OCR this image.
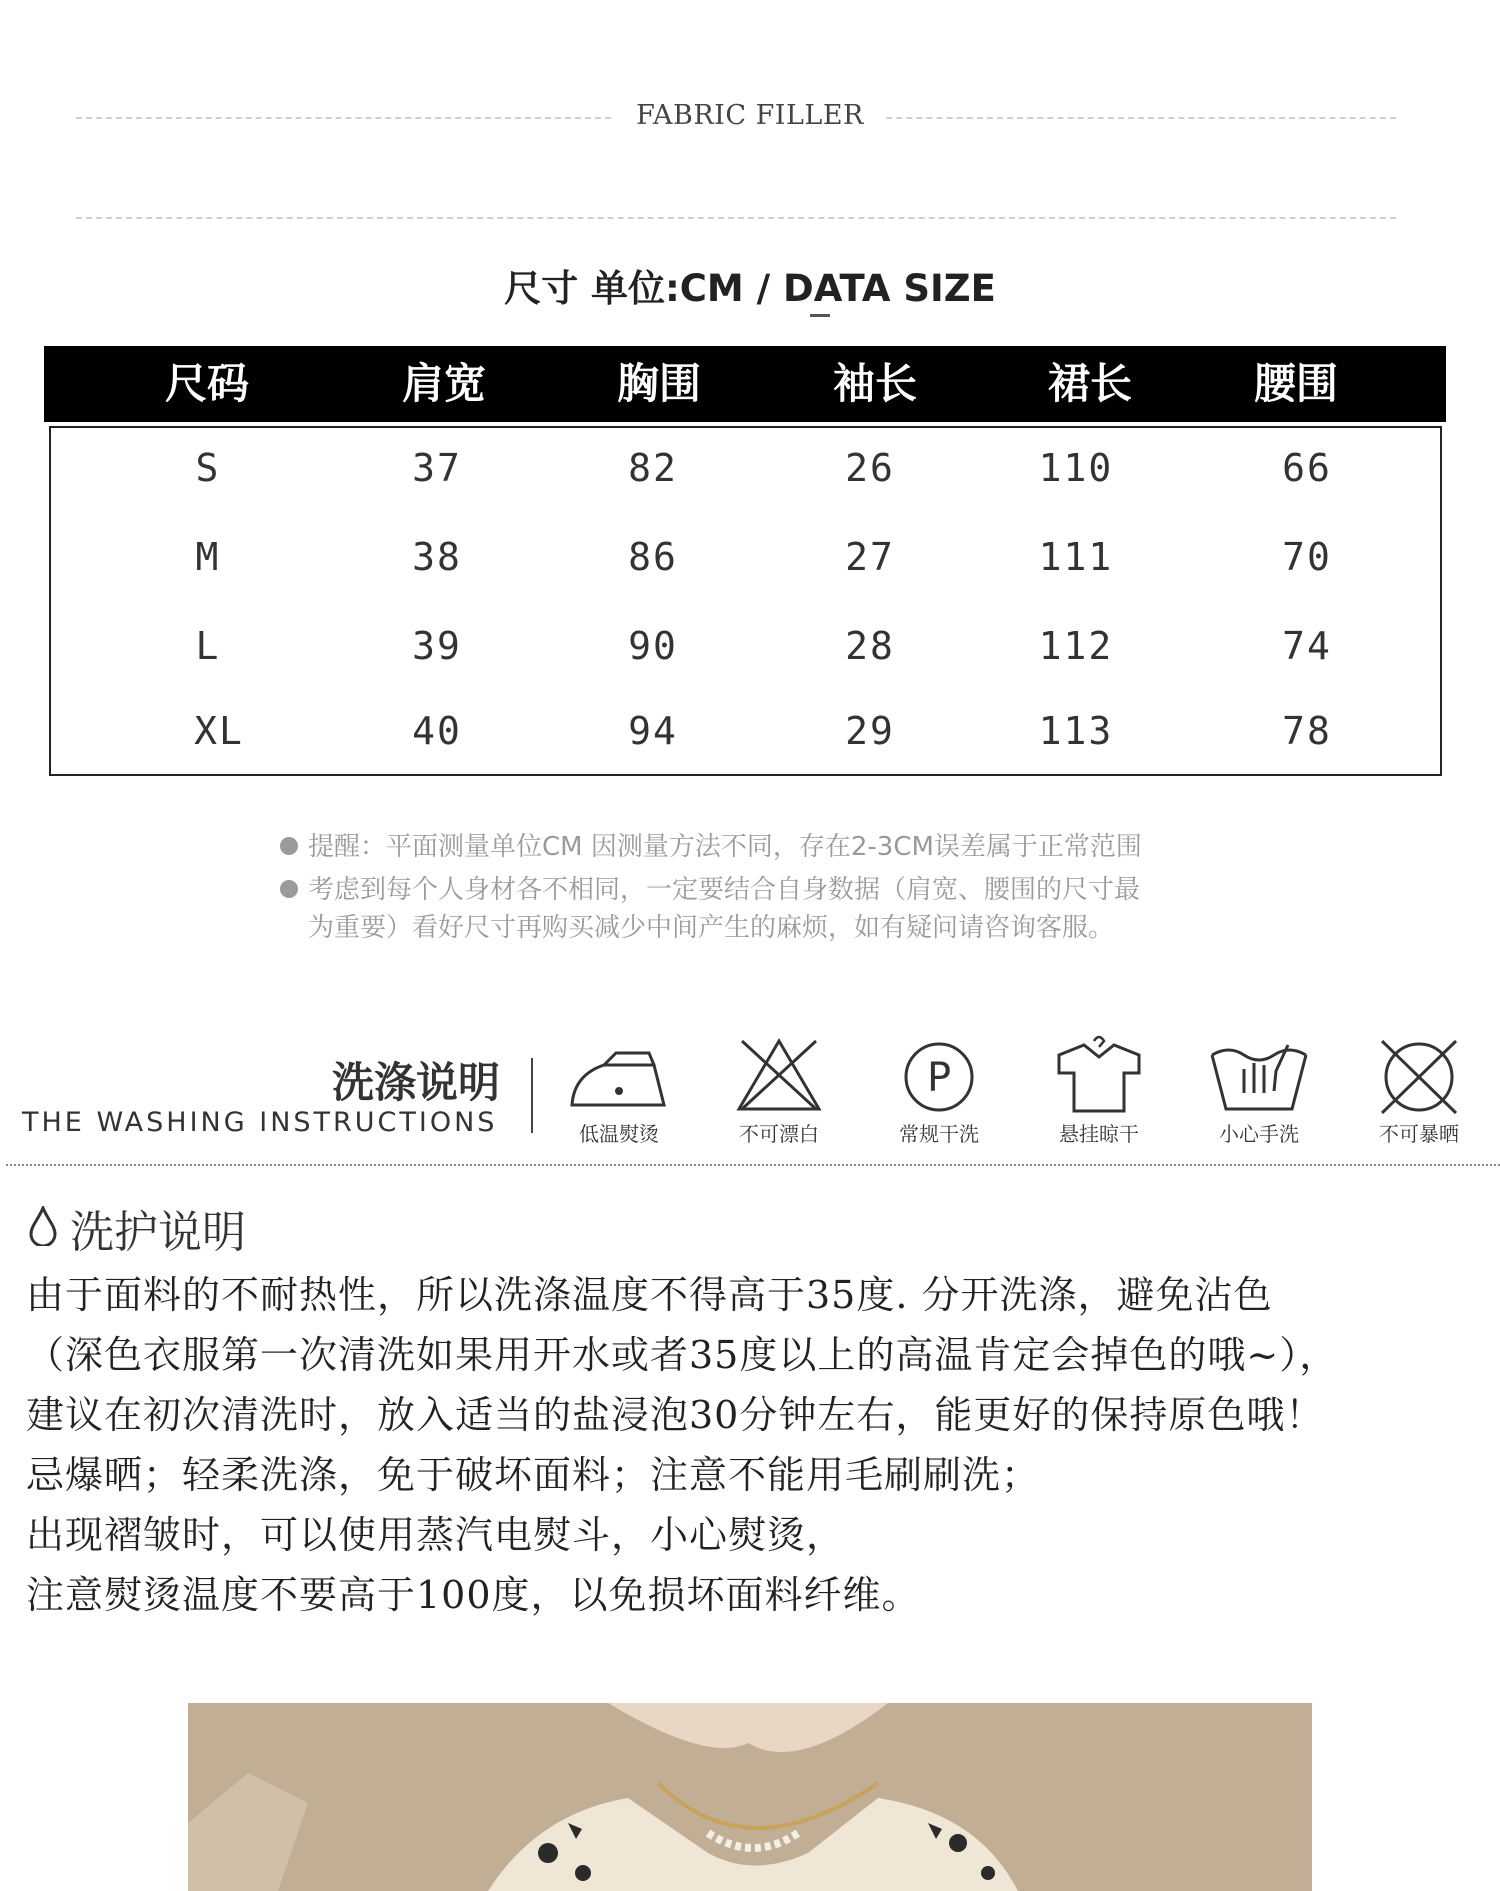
FABRIC FILLER
尺寸 单位:CM / DATA SIZE
尺码	肩宽	胸围	袖长	裙长	腰围
S	37	82	26	110	66
M	38	86	27	111	70
L	39	90	28	112	74
XL	40	94	29	113	78
提醒：平面测量单位CM 因测量方法不同，存在2-3CM误差属于正常范围
考虑到每个人身材各不相同，一定要结合自身数据（肩宽、腰围的尺寸最
为重要）看好尺寸再购买减少中间产生的麻烦，如有疑问请咨询客服。
洗涤说明
THE WASHING INSTRUCTIONS	低温熨烫	不可漂白
P
常规干洗	悬挂晾干	小心手洗	不可暴晒
洗护说明
由于面料的不耐热性，所以洗涤温度不得高于35度. 分开洗涤，避免沾色
（深色衣服第一次清洗如果用开水或者35度以上的高温肯定会掉色的哦~），
建议在初次清洗时，放入适当的盐浸泡30分钟左右，能更好的保持原色哦！
忌爆晒；轻柔洗涤，免于破坏面料；注意不能用毛刷刷洗；
出现褶皱时，可以使用蒸汽电熨斗，小心熨烫，
注意熨烫温度不要高于100度，以免损坏面料纤维。
